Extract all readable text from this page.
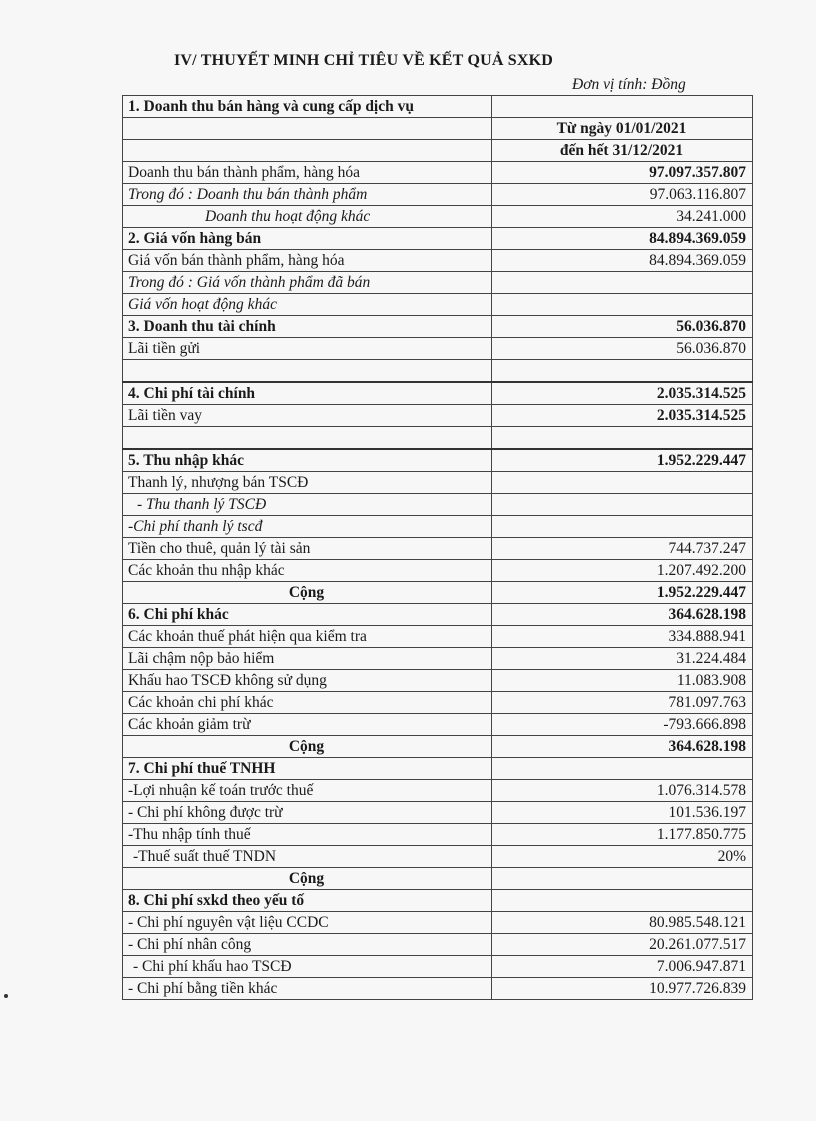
IV/ THUYẾT MINH CHỈ TIÊU VỀ KẾT QUẢ SXKD
Đơn vị tính: Đồng
1. Doanh thu bán hàng và cung cấp dịch vụ	
	Từ ngày 01/01/2021
	đến hết 31/12/2021
Doanh thu bán thành phẩm, hàng hóa	97.097.357.807
Trong đó : Doanh thu bán thành phẩm	97.063.116.807
Doanh thu hoạt động khác	34.241.000
2. Giá vốn hàng bán	84.894.369.059
Giá vốn bán thành phẩm, hàng hóa	84.894.369.059
Trong đó : Giá vốn thành phẩm đã bán	
Giá vốn hoạt động khác	
3. Doanh thu tài chính	56.036.870
Lãi tiền gửi	56.036.870

4. Chi phí tài chính	2.035.314.525
Lãi tiền vay	2.035.314.525

5. Thu nhập khác	1.952.229.447
Thanh lý, nhượng bán TSCĐ	
- Thu thanh lý TSCĐ	
-Chi phí thanh lý tscđ	
Tiền cho thuê, quản lý tài sản	744.737.247
Các khoản thu nhập khác	1.207.492.200
Cộng	1.952.229.447
6. Chi phí khác	364.628.198
Các khoản thuế phát hiện qua kiểm tra	334.888.941
Lãi chậm nộp bảo hiểm	31.224.484
Khấu hao TSCĐ không sử dụng	11.083.908
Các khoản chi phí khác	781.097.763
Các khoản giảm trừ	-793.666.898
Cộng	364.628.198
7. Chi phí thuế TNHH	
-Lợi nhuận kế toán trước thuế	1.076.314.578
- Chi phí không được trừ	101.536.197
-Thu nhập tính thuế	1.177.850.775
-Thuế suất thuế TNDN	20%
Cộng	
8. Chi phí sxkd theo yếu tố	
- Chi phí nguyên vật liệu CCDC	80.985.548.121
- Chi phí nhân công	20.261.077.517
- Chi phí khấu hao TSCĐ	7.006.947.871
- Chi phí bằng tiền khác	10.977.726.839
